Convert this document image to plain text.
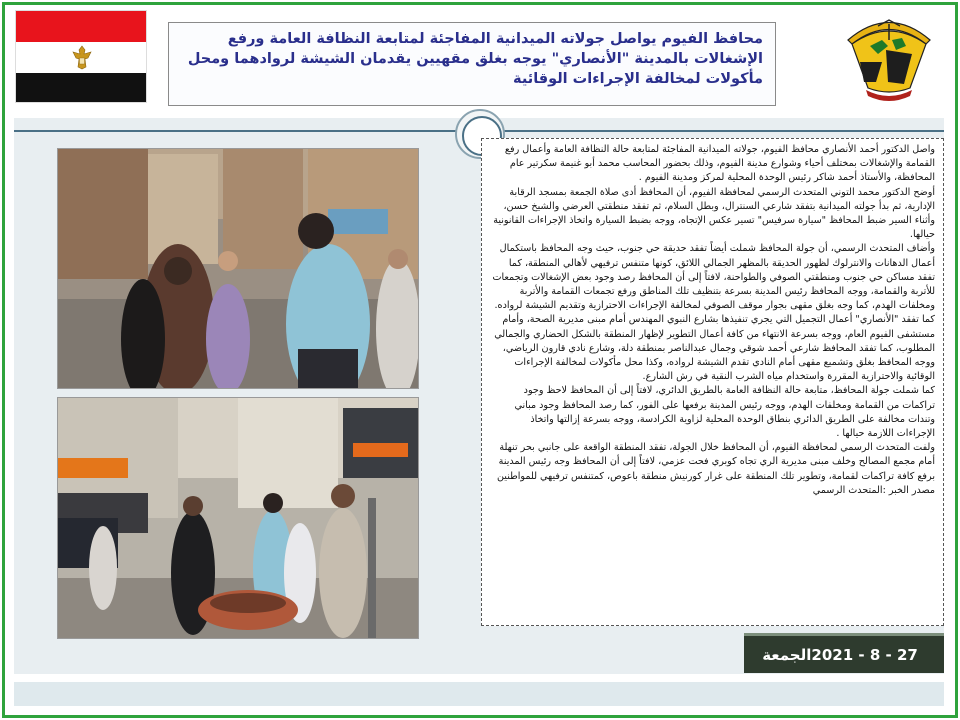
محافظ الفيوم يواصل جولاته الميدانية المفاجئة لمتابعة النظافة العامة ورفع الإشغالات بالمدينة "الأنصاري" يوجه بغلق مقهيين يقدمان الشيشة لروادهما ومحل مأكولات لمخالفة الإجراءات الوقائية

واصل الدكتور أحمد الأنصاري محافظ الفيوم، جولاته الميدانية المفاجئة لمتابعة حالة النظافة العامة وأعمال رفع القمامة والإشغالات بمختلف أحياء وشوارع مدينة الفيوم، وذلك بحضور المحاسب محمد أبو غنيمة سكرتير عام المحافظة، والأستاذ أحمد شاكر رئيس الوحدة المحلية لمركز ومدينة الفيوم .

أوضح الدكتور محمد التوني المتحدث الرسمي لمحافظة الفيوم، أن المحافظ أدى صلاة الجمعة بمسجد الرقابة الإدارية، ثم بدأ جولته الميدانية بتفقد شارعي السنترال، وبطل السلام، ثم تفقد منطقتي العرضي والشيخ حسن، وأثناء السير ضبط المحافظ "سيارة سرفيس" تسير عكس الإتجاه، ووجه بضبط السيارة واتخاذ الإجراءات القانونية حيالها.

وأضاف المتحدث الرسمي، أن جولة المحافظ شملت أيضاً تفقد حديقة حي جنوب، حيث وجه المحافظ باستكمال أعمال الدهانات والانترلوك لظهور الحديقة بالمظهر الجمالي اللائق، كونها متنفس ترفيهي لأهالي المنطقة، كما تفقد مساكن حي جنوب ومنطقتي الصوفي والطواحنة، لافتاً إلى أن المحافظ رصد وجود بعض الإشغالات وتجمعات للأتربة والقمامة، ووجه المحافظ رئيس المدينة بسرعة بتنظيف تلك المناطق ورفع تجمعات القمامة والأتربة ومخلفات الهدم، كما وجه بغلق مقهى بجوار موقف الصوفي لمخالفة الإجراءات الاحترازية وتقديم الشيشة لرواده.

كما تفقد "الأنصاري" أعمال التجميل التي يجري تنفيذها بشارع النبوي المهندس أمام مبنى مديرية الصحة، وأمام مستشفى الفيوم العام، ووجه بسرعة الانتهاء من كافة أعمال التطوير لإظهار المنطقة بالشكل الحضاري والجمالي المطلوب، كما تفقد المحافظ شارعي أحمد شوقي وجمال عبدالناصر بمنطقة دلة، وشارع نادي قارون الرياضي، ووجه المحافظ بغلق وتشميع مقهى أمام النادي تقدم الشيشة لرواده، وكذا محل مأكولات لمخالفة الإجراءات الوقائية والاحترازية المقررة واستخدام مياه الشرب النقية في رش الشارع.

كما شملت جولة المحافظ، متابعة حالة النظافة العامة بالطريق الدائري، لافتاً إلى أن المحافظ لاحظ وجود تراكمات من القمامة ومخلفات الهدم، ووجه رئيس المدينة برفعها على الفور، كما رصد المحافظ وجود مباني وتندات مخالفة على الطريق الدائري بنطاق الوحدة المحلية لزاوية الكرادسة، ووجه بسرعة إزالتها واتخاذ الإجراءات اللازمة حيالها .

ولفت المتحدث الرسمي لمحافظة الفيوم، أن المحافظ خلال الجولة، تفقد المنطقة الواقعة على جانبي بحر تنهلة أمام مجمع المصالح وخلف مبنى مديرية الري تجاه كوبري فحت عزمي، لافتاً إلى أن المحافظ وجه رئيس المدينة برفع كافة تراكمات لقمامة، وتطوير تلك المنطقة على غرار كورنيش منطقة باعوص، كمتنفس ترفيهي للمواطنين

مصدر الخبر :المتحدث الرسمي

الجمعة 27 - 8 - 2021
